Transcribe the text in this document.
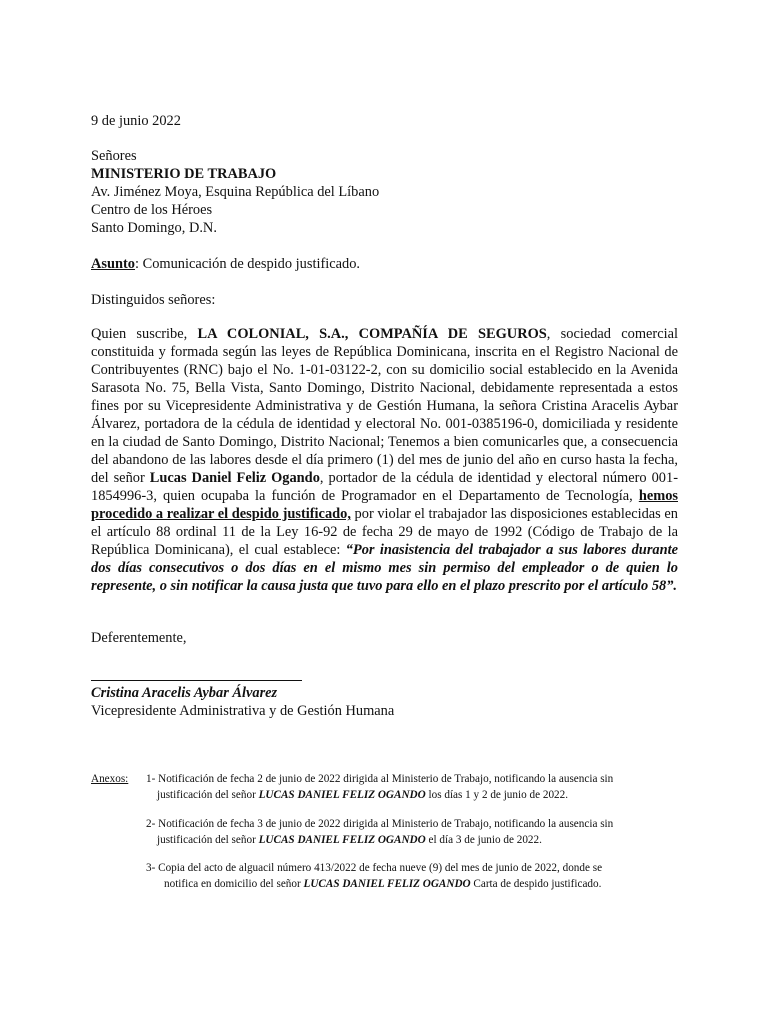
9 de junio 2022
Señores
MINISTERIO DE TRABAJO
Av. Jiménez Moya, Esquina República del Líbano
Centro de los Héroes
Santo Domingo, D.N.
Asunto: Comunicación de despido justificado.
Distinguidos señores:
Quien suscribe, LA COLONIAL, S.A., COMPAÑÍA DE SEGUROS, sociedad comercial constituida y formada según las leyes de República Dominicana, inscrita en el Registro Nacional de Contribuyentes (RNC) bajo el No. 1-01-03122-2, con su domicilio social establecido en la Avenida Sarasota No. 75, Bella Vista, Santo Domingo, Distrito Nacional, debidamente representada a estos fines por su Vicepresidente Administrativa y de Gestión Humana, la señora Cristina Aracelis Aybar Álvarez, portadora de la cédula de identidad y electoral No. 001-0385196-0, domiciliada y residente en la ciudad de Santo Domingo, Distrito Nacional; Tenemos a bien comunicarles que, a consecuencia del abandono de las labores desde el día primero (1) del mes de junio del año en curso hasta la fecha, del señor Lucas Daniel Feliz Ogando, portador de la cédula de identidad y electoral número 001-1854996-3, quien ocupaba la función de Programador en el Departamento de Tecnología, hemos procedido a realizar el despido justificado, por violar el trabajador las disposiciones establecidas en el artículo 88 ordinal 11 de la Ley 16-92 de fecha 29 de mayo de 1992 (Código de Trabajo de la República Dominicana), el cual establece: “Por inasistencia del trabajador a sus labores durante dos días consecutivos o dos días en el mismo mes sin permiso del empleador o de quien lo represente, o sin notificar la causa justa que tuvo para ello en el plazo prescrito por el artículo 58”.
Deferentemente,
Cristina Aracelis Aybar Álvarez
Vicepresidente Administrativa y de Gestión Humana
Anexos: 1- Notificación de fecha 2 de junio de 2022 dirigida al Ministerio de Trabajo, notificando la ausencia sin
justificación del señor LUCAS DANIEL FELIZ OGANDO los días 1 y 2 de junio de 2022.
2- Notificación de fecha 3 de junio de 2022 dirigida al Ministerio de Trabajo, notificando la ausencia sin
justificación del señor LUCAS DANIEL FELIZ OGANDO el día 3 de junio de 2022.
3- Copia del acto de alguacil número 413/2022 de fecha nueve (9) del mes de junio de 2022, donde se
notifica en domicilio del señor LUCAS DANIEL FELIZ OGANDO Carta de despido justificado.
